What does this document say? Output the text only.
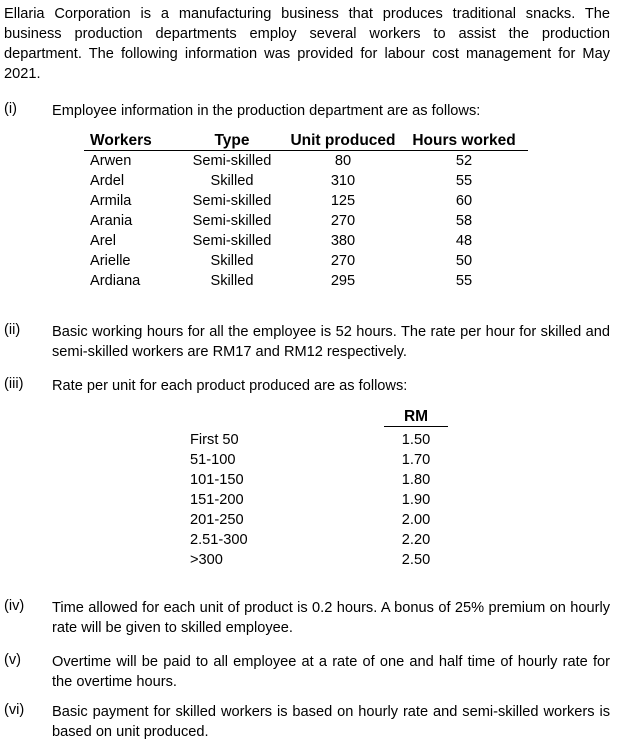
Ellaria Corporation is a manufacturing business that produces traditional snacks. The business production departments employ several workers to assist the production department. The following information was provided for labour cost management for May 2021.

(i) Employee information in the production department are as follows:
Workers	Type	Unit produced	Hours worked
Arwen	Semi-skilled	80	52
Ardel	Skilled	310	55
Armila	Semi-skilled	125	60
Arania	Semi-skilled	270	58
Arel	Semi-skilled	380	48
Arielle	Skilled	270	50
Ardiana	Skilled	295	55
(ii) Basic working hours for all the employee is 52 hours. The rate per hour for skilled and semi-skilled workers are RM17 and RM12 respectively.
(iii) Rate per unit for each product produced are as follows:
RM
First 50	1.50
51-100	1.70
101-150	1.80
151-200	1.90
201-250	2.00
2.51-300	2.20
>300	2.50
(iv) Time allowed for each unit of product is 0.2 hours. A bonus of 25% premium on hourly rate will be given to skilled employee.
(v) Overtime will be paid to all employee at a rate of one and half time of hourly rate for the overtime hours.
(vi) Basic payment for skilled workers is based on hourly rate and semi-skilled workers is based on unit produced.
